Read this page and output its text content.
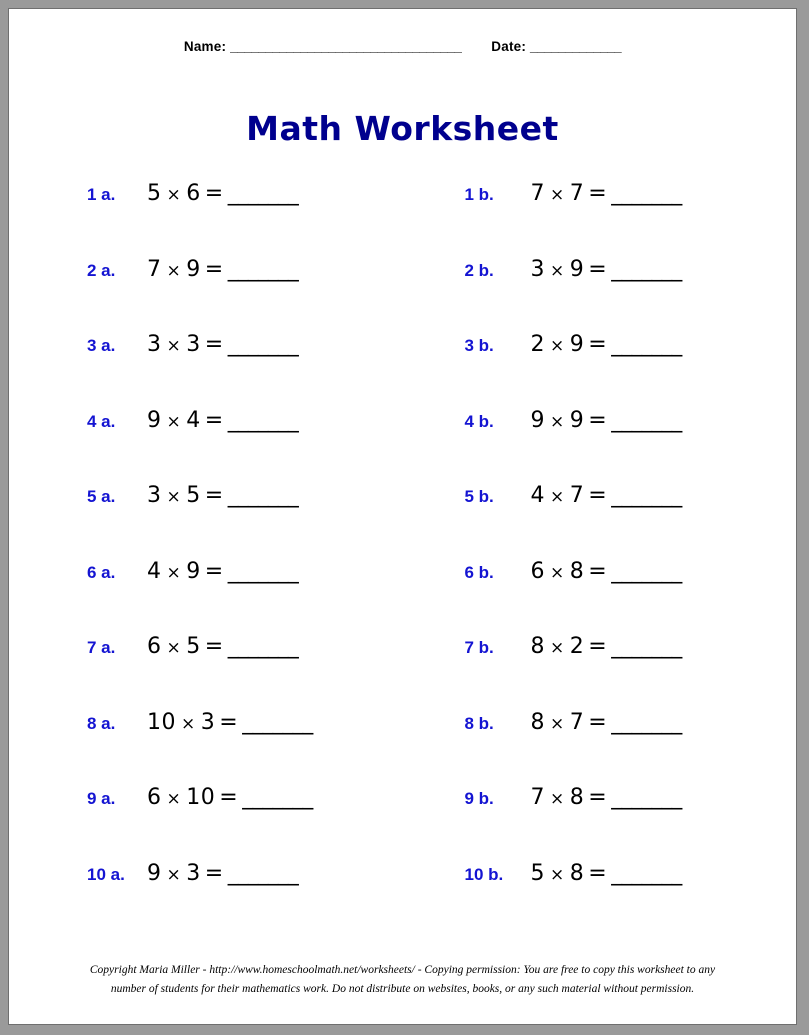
Name: _________________________________ Date: _____________
Math Worksheet
1 a.	5 × 6 = _______	1 b.	7 × 7 = _______
2 a.	7 × 9 = _______	2 b.	3 × 9 = _______
3 a.	3 × 3 = _______	3 b.	2 × 9 = _______
4 a.	9 × 4 = _______	4 b.	9 × 9 = _______
5 a.	3 × 5 = _______	5 b.	4 × 7 = _______
6 a.	4 × 9 = _______	6 b.	6 × 8 = _______
7 a.	6 × 5 = _______	7 b.	8 × 2 = _______
8 a.	10 × 3 = _______	8 b.	8 × 7 = _______
9 a.	6 × 10 = _______	9 b.	7 × 8 = _______
10 a.	9 × 3 = _______	10 b.	5 × 8 = _______
Copyright Maria Miller - http://www.homeschoolmath.net/worksheets/ - Copying permission: You are free to copy this worksheet to any
number of students for their mathematics work. Do not distribute on websites, books, or any such material without permission.
